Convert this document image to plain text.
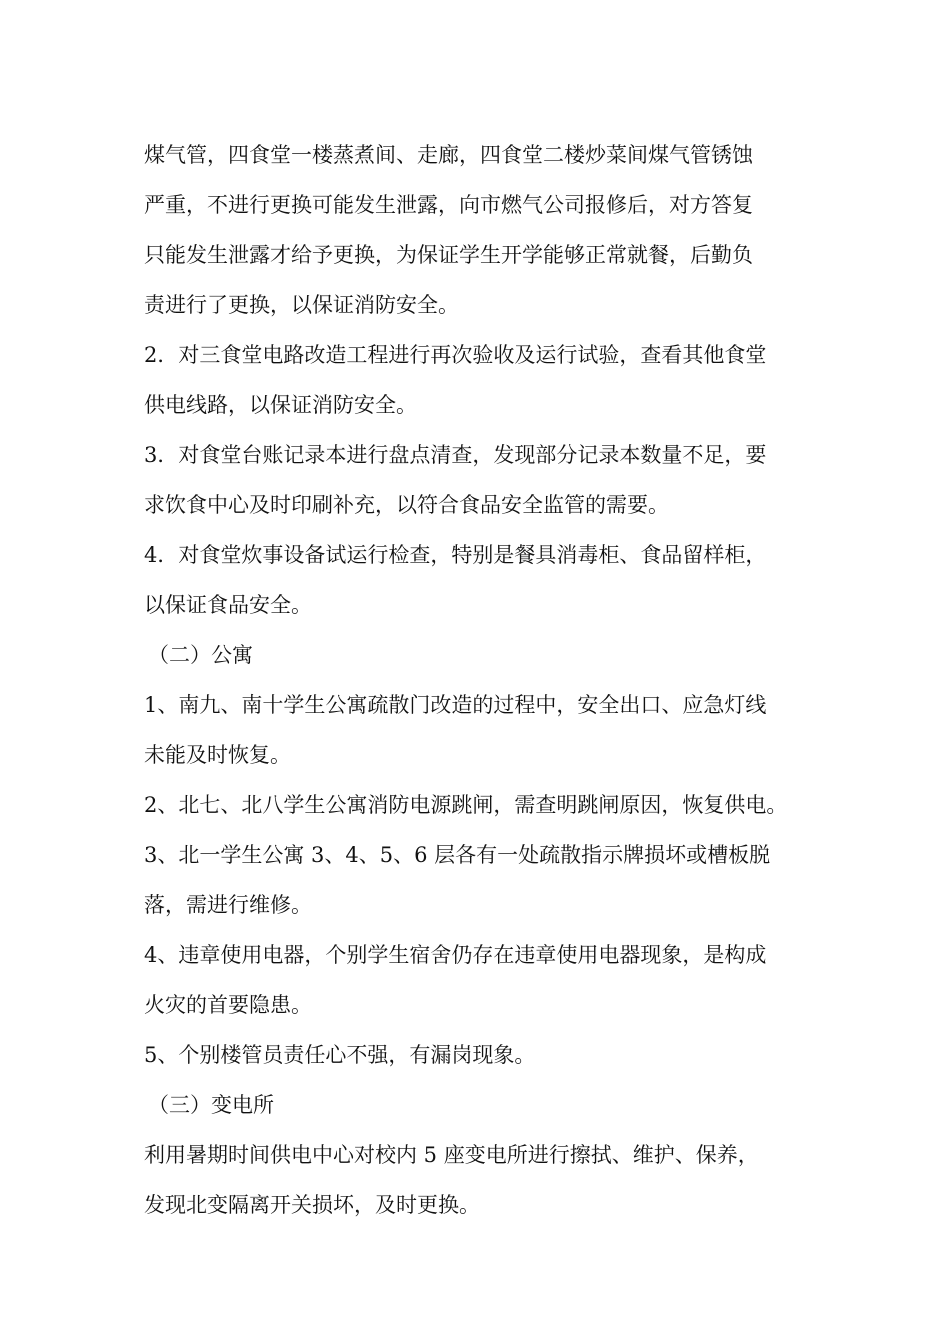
煤气管，四食堂一楼蒸煮间、走廊，四食堂二楼炒菜间煤气管锈蚀
严重，不进行更换可能发生泄露，向市燃气公司报修后，对方答复
只能发生泄露才给予更换，为保证学生开学能够正常就餐，后勤负
责进行了更换，以保证消防安全。
2．对三食堂电路改造工程进行再次验收及运行试验，查看其他食堂
供电线路，以保证消防安全。
3．对食堂台账记录本进行盘点清查，发现部分记录本数量不足，要
求饮食中心及时印刷补充，以符合食品安全监管的需要。
4．对食堂炊事设备试运行检查，特别是餐具消毒柜、食品留样柜，
以保证食品安全。
（二）公寓
1、南九、南十学生公寓疏散门改造的过程中，安全出口、应急灯线
未能及时恢复。
2、北七、北八学生公寓消防电源跳闸，需查明跳闸原因，恢复供电。
3、北一学生公寓 3、4、5、6 层各有一处疏散指示牌损坏或槽板脱
落，需进行维修。
4、违章使用电器，个别学生宿舍仍存在违章使用电器现象，是构成
火灾的首要隐患。
5、个别楼管员责任心不强，有漏岗现象。
（三）变电所
利用暑期时间供电中心对校内 5 座变电所进行擦拭、维护、保养，
发现北变隔离开关损坏，及时更换。
